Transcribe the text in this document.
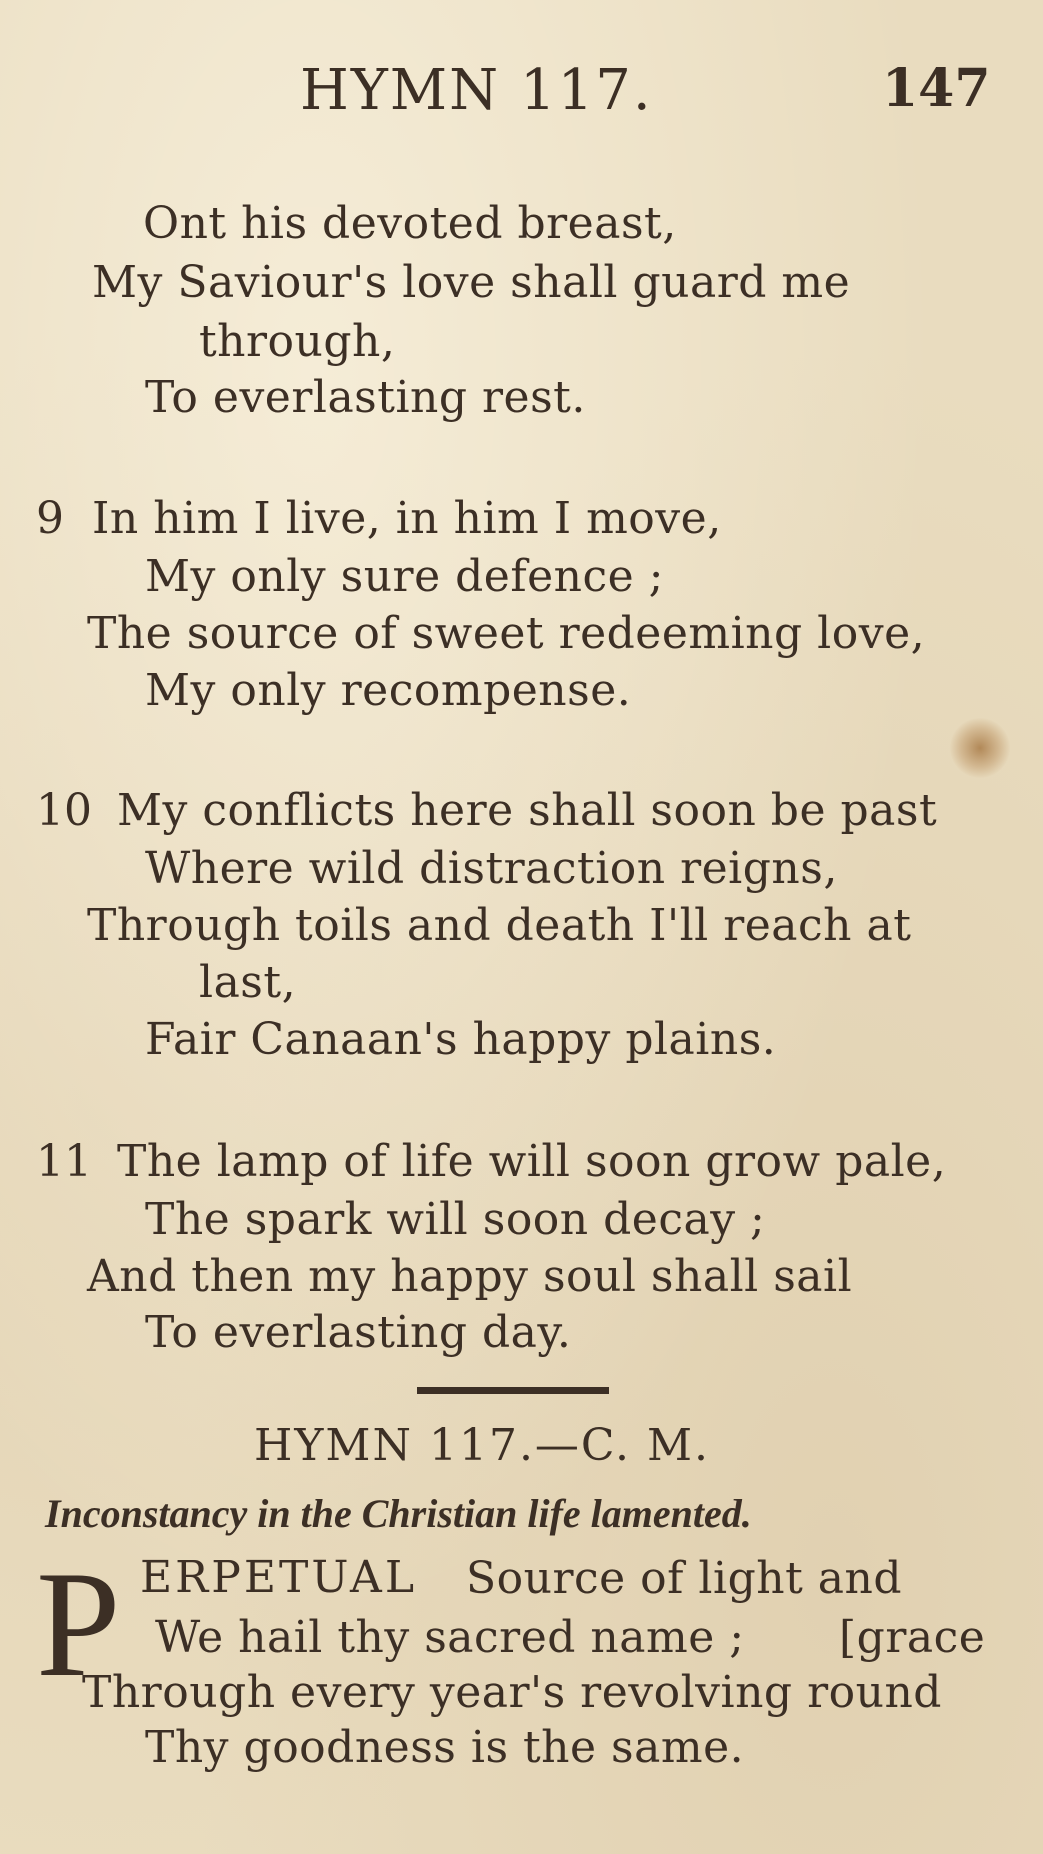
HYMN 117.	147
Ont his devoted breast,
My Saviour's love shall guard me
through,
To everlasting rest.
9 In him I live, in him I move,
My only sure defence ;
The source of sweet redeeming love,
My only recompense.
10 My conflicts here shall soon be past
Where wild distraction reigns,
Through toils and death I'll reach at
last,
Fair Canaan's happy plains.
11 The lamp of life will soon grow pale,
The spark will soon decay ;
And then my happy soul shall sail
To everlasting day.
HYMN 117.—C. M.
Inconstancy in the Christian life lamented.
P ERPETUAL Source of light and
We hail thy sacred name ; [grace
Through every year's revolving round
Thy goodness is the same.
